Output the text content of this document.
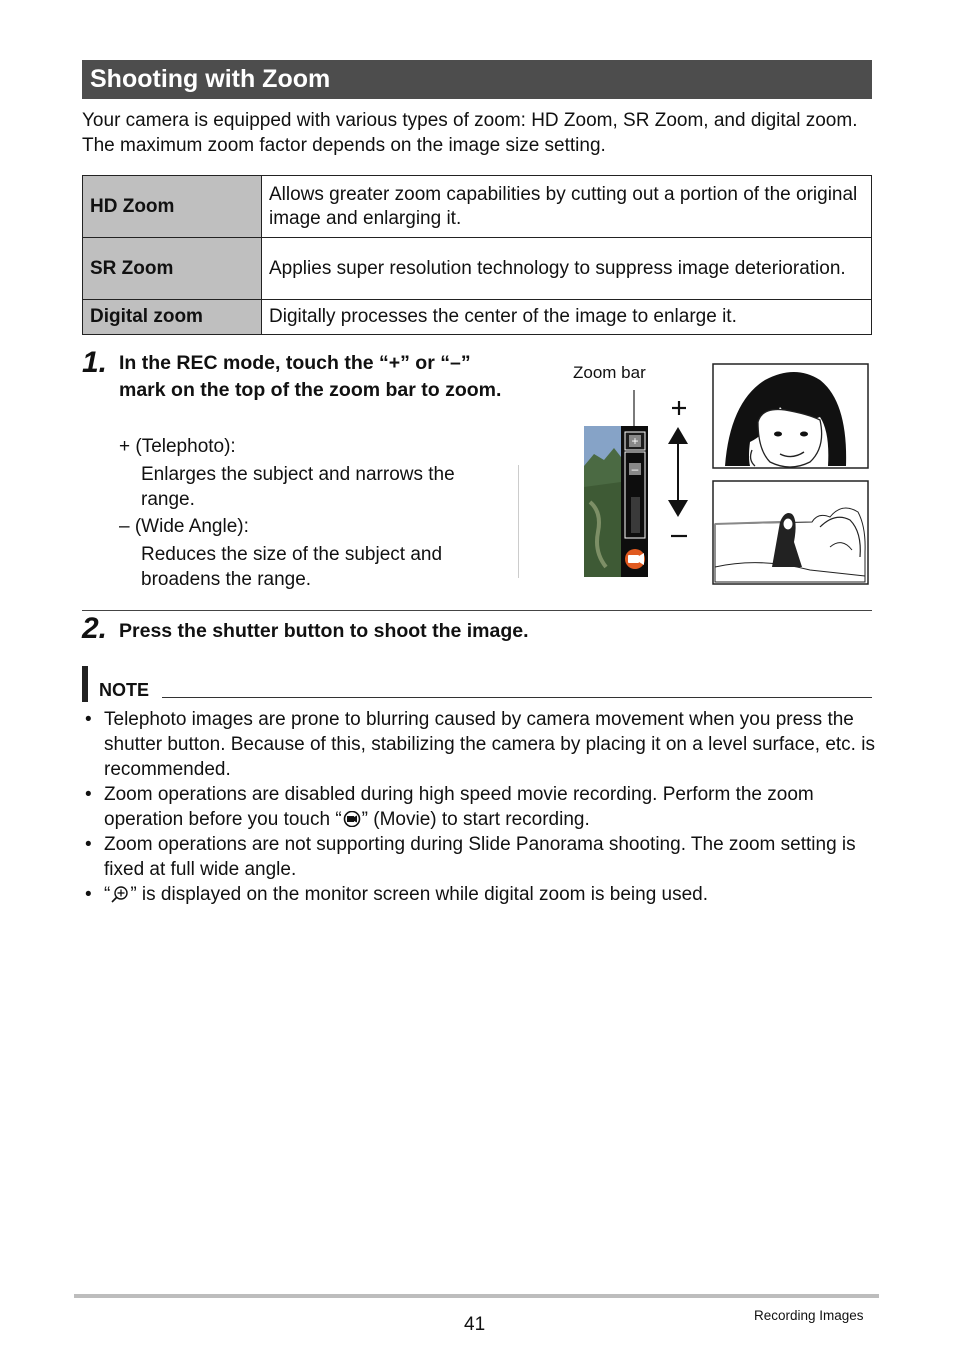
Shooting with Zoom
Your camera is equipped with various types of zoom: HD Zoom, SR Zoom, and digital zoom. The maximum zoom factor depends on the image size setting.
HD Zoom	Allows greater zoom capabilities by cutting out a portion of the original image and enlarging it.
SR Zoom	Applies super resolution technology to suppress image deterioration.
Digital zoom	Digitally processes the center of the image to enlarge it.
1. In the REC mode, touch the “+” or “–” mark on the top of the zoom bar to zoom.
+ (Telephoto):
Enlarges the subject and narrows the range.
– (Wide Angle):
Reduces the size of the subject and broadens the range.
Zoom bar
+
–
2. Press the shutter button to shoot the image.
NOTE
• Telephoto images are prone to blurring caused by camera movement when you press the shutter button. Because of this, stabilizing the camera by placing it on a level surface, etc. is recommended.
• Zoom operations are disabled during high speed movie recording. Perform the zoom operation before you touch “ ” (Movie) to start recording.
• Zoom operations are not supporting during Slide Panorama shooting. The zoom setting is fixed at full wide angle.
• “ ” is displayed on the monitor screen while digital zoom is being used.
41	Recording Images
